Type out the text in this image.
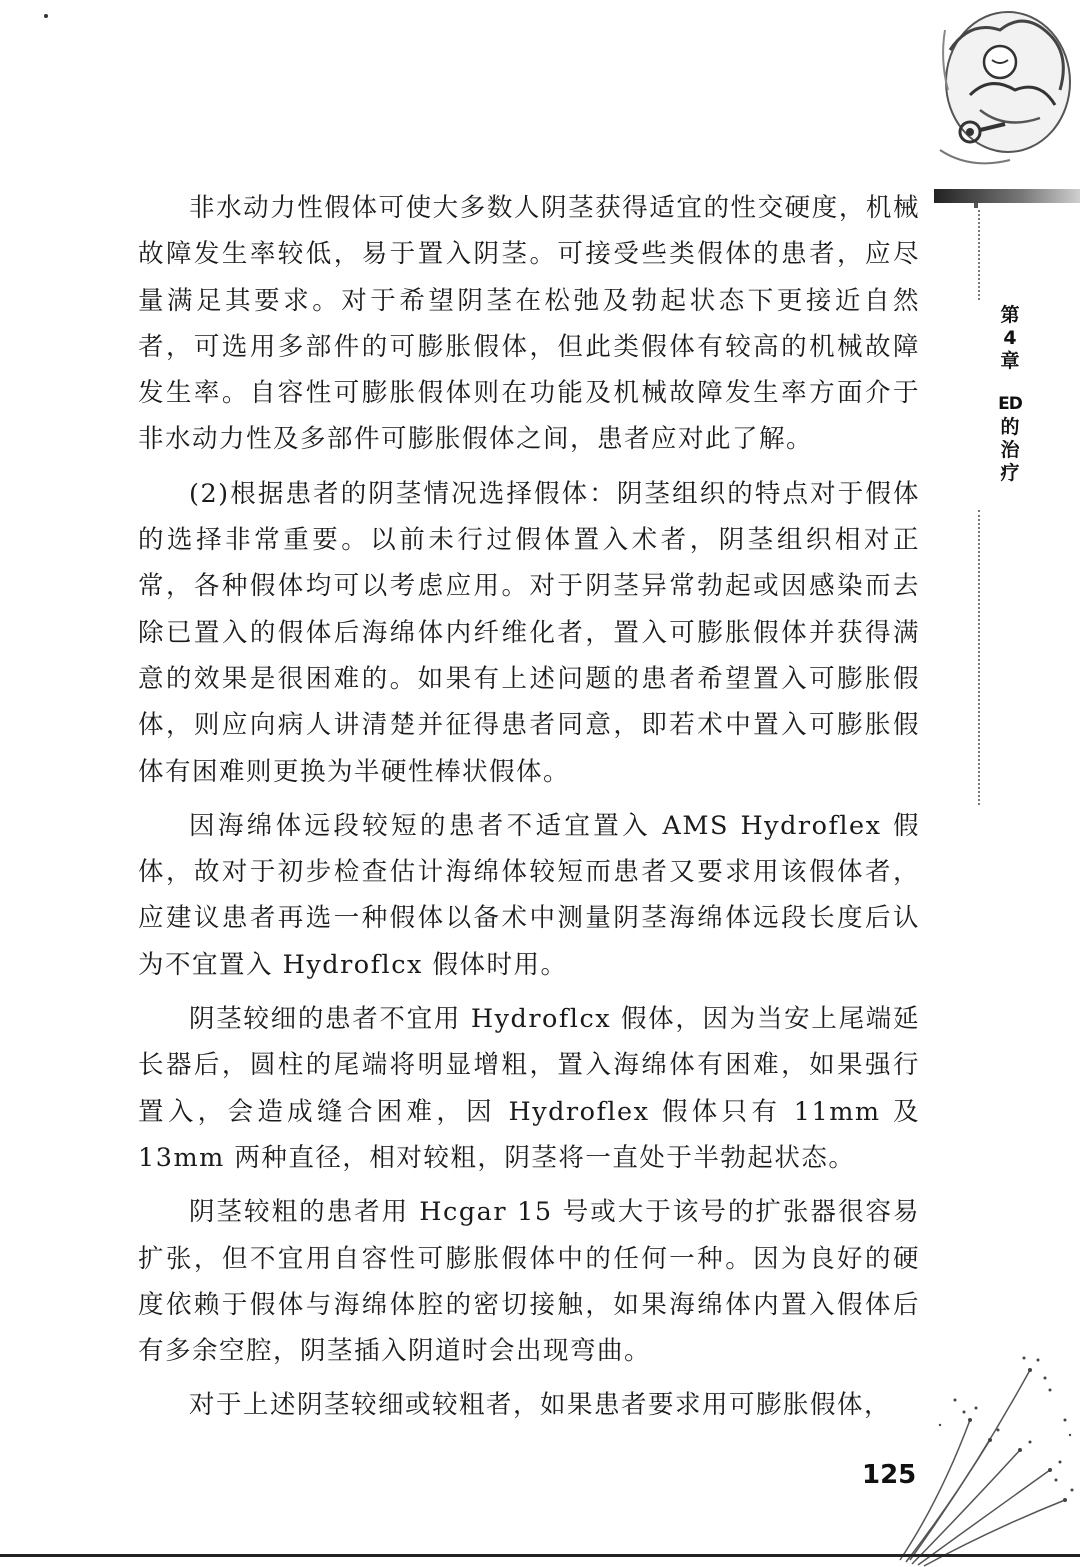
第
4
章
ED
的
治
疗

非水动力性假体可使大多数人阴茎获得适宜的性交硬度，机械故障发生率较低，易于置入阴茎。可接受些类假体的患者，应尽量满足其要求。对于希望阴茎在松弛及勃起状态下更接近自然者，可选用多部件的可膨胀假体，但此类假体有较高的机械故障发生率。自容性可膨胀假体则在功能及机械故障发生率方面介于非水动力性及多部件可膨胀假体之间，患者应对此了解。

(2)根据患者的阴茎情况选择假体：阴茎组织的特点对于假体的选择非常重要。以前未行过假体置入术者，阴茎组织相对正常，各种假体均可以考虑应用。对于阴茎异常勃起或因感染而去除已置入的假体后海绵体内纤维化者，置入可膨胀假体并获得满意的效果是很困难的。如果有上述问题的患者希望置入可膨胀假体，则应向病人讲清楚并征得患者同意，即若术中置入可膨胀假体有困难则更换为半硬性棒状假体。

因海绵体远段较短的患者不适宜置入 AMS Hydroflex 假体，故对于初步检查估计海绵体较短而患者又要求用该假体者，应建议患者再选一种假体以备术中测量阴茎海绵体远段长度后认为不宜置入 Hydroflcx 假体时用。

阴茎较细的患者不宜用 Hydroflcx 假体，因为当安上尾端延长器后，圆柱的尾端将明显增粗，置入海绵体有困难，如果强行置入，会造成缝合困难，因 Hydroflex 假体只有 11mm 及 13mm 两种直径，相对较粗，阴茎将一直处于半勃起状态。

阴茎较粗的患者用 Hcgar 15 号或大于该号的扩张器很容易扩张，但不宜用自容性可膨胀假体中的任何一种。因为良好的硬度依赖于假体与海绵体腔的密切接触，如果海绵体内置入假体后有多余空腔，阴茎插入阴道时会出现弯曲。

对于上述阴茎较细或较粗者，如果患者要求用可膨胀假体，

125
